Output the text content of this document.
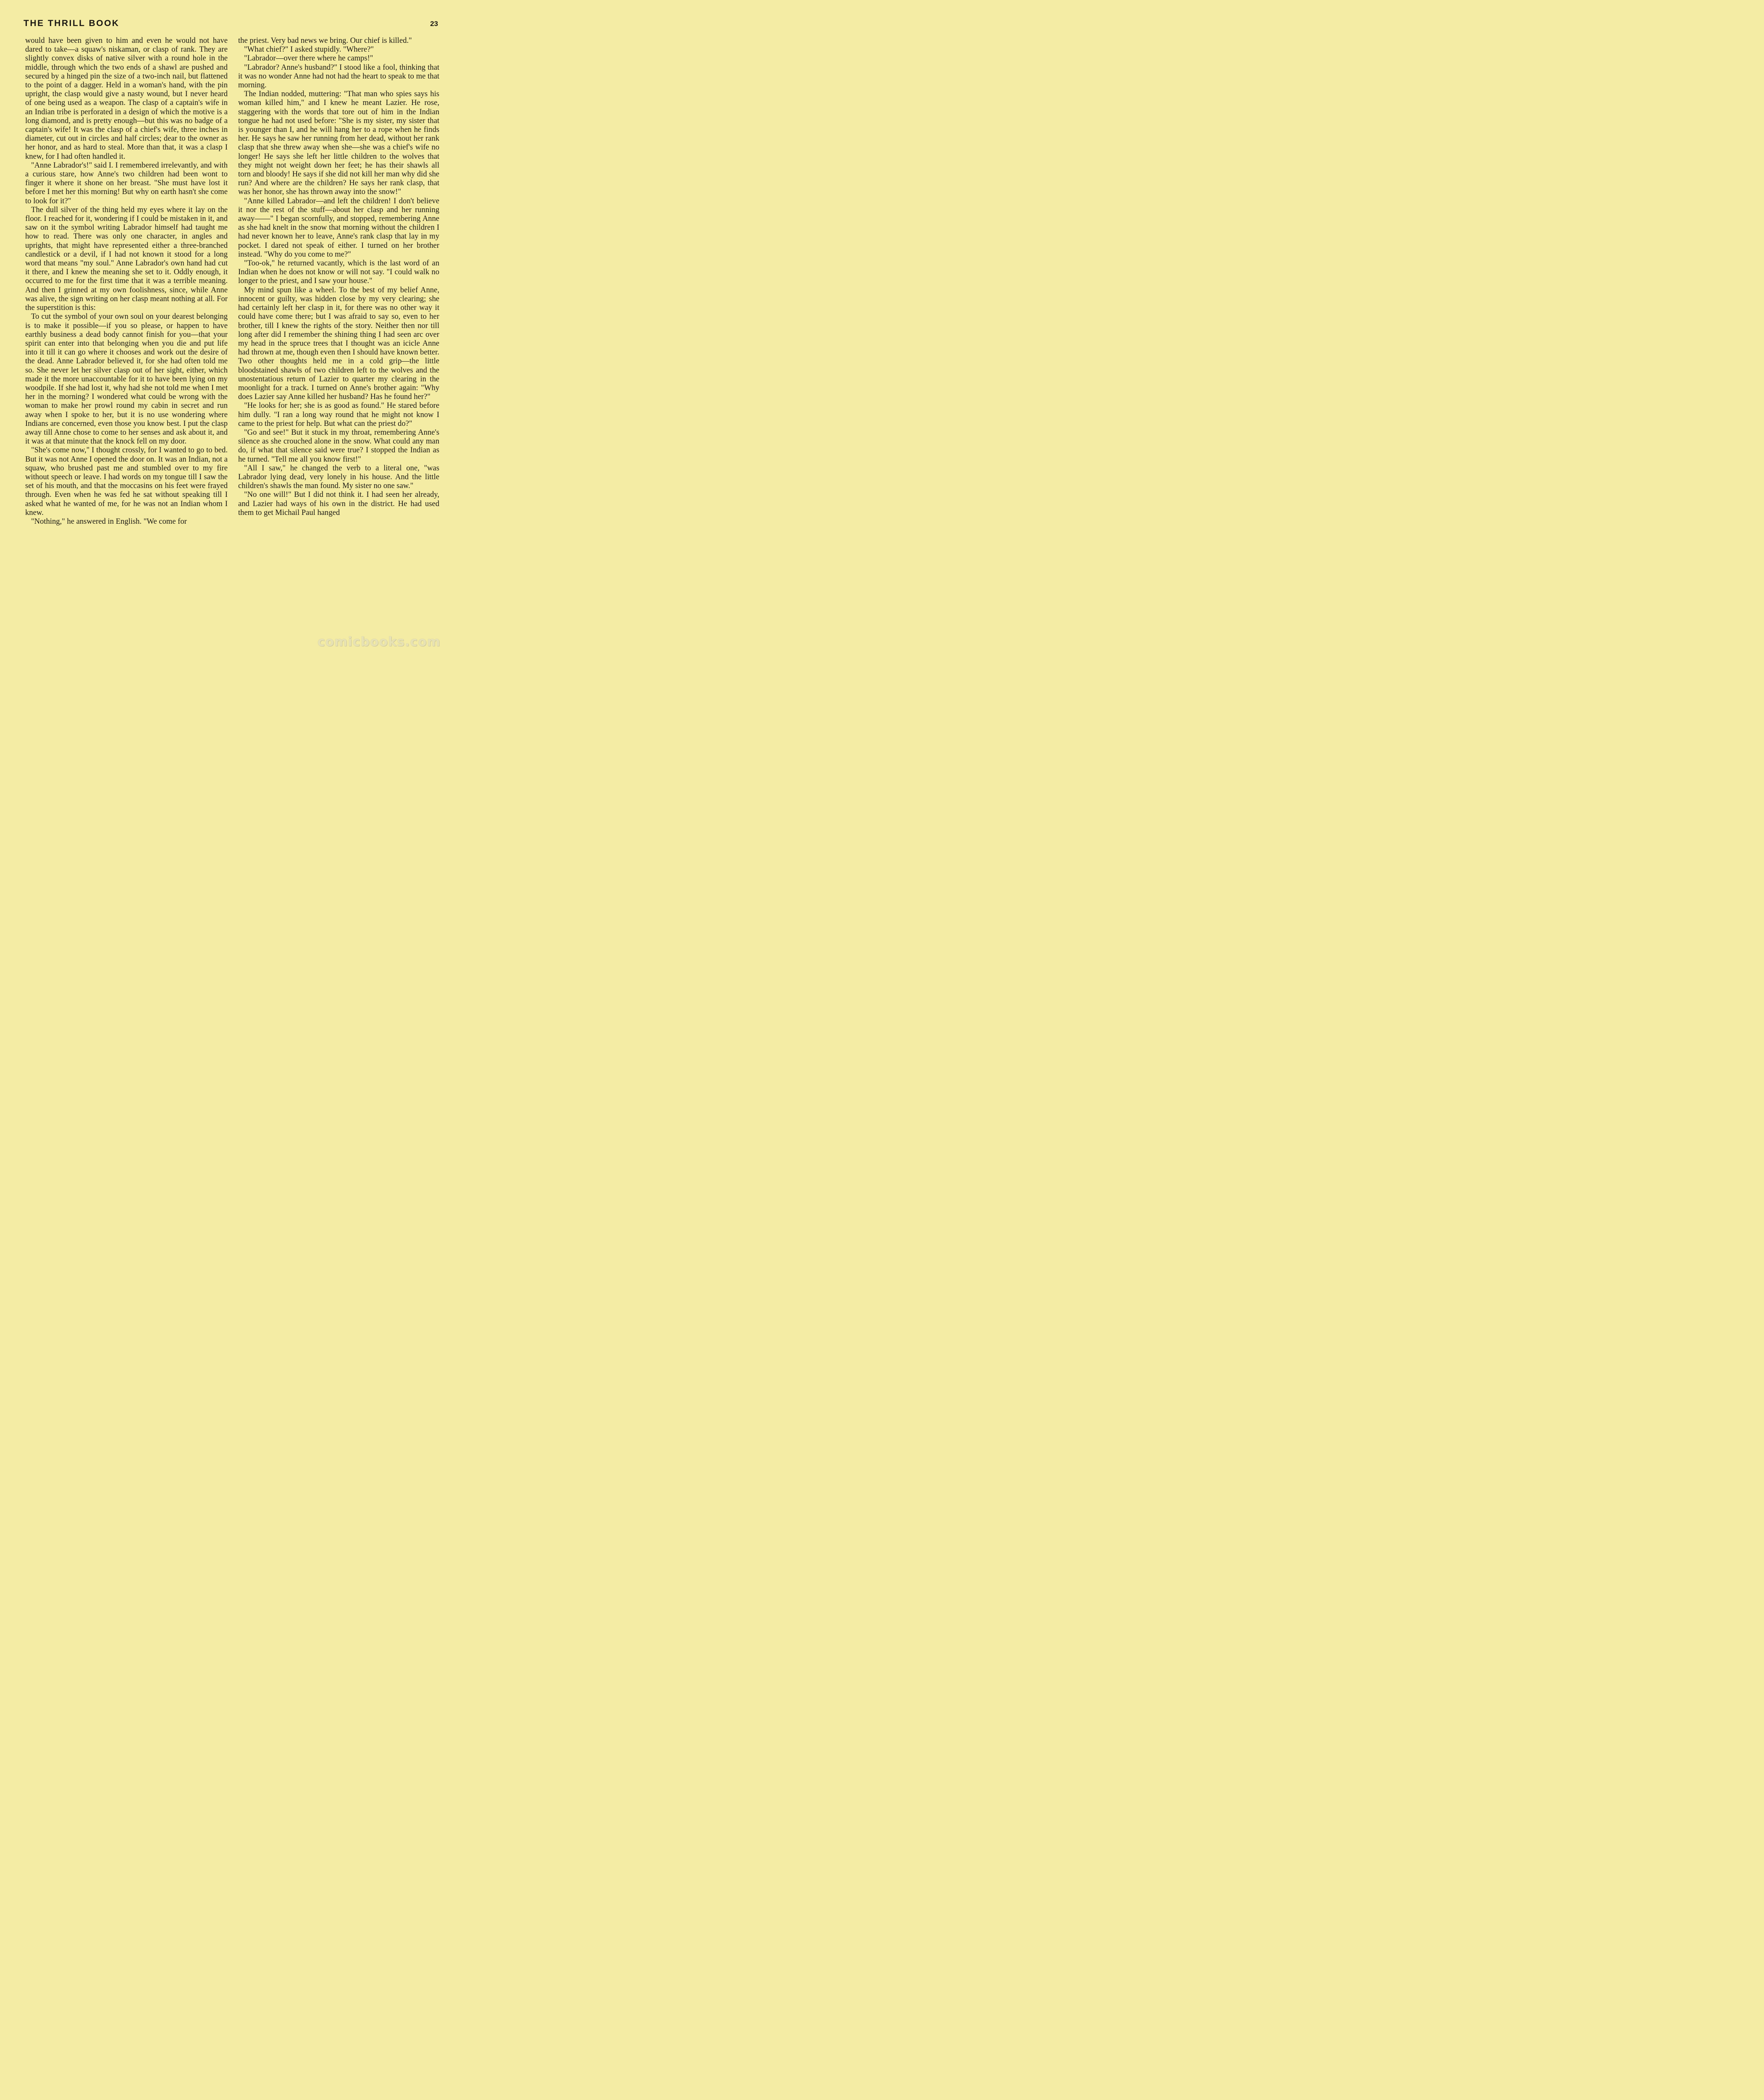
THE THRILL BOOK	23

would have been given to him and even he would not have dared to take—a squaw's niskaman, or clasp of rank. They are slightly convex disks of native silver with a round hole in the middle, through which the two ends of a shawl are pushed and secured by a hinged pin the size of a two-inch nail, but flattened to the point of a dagger. Held in a woman's hand, with the pin upright, the clasp would give a nasty wound, but I never heard of one being used as a weapon. The clasp of a captain's wife in an Indian tribe is perforated in a design of which the motive is a long diamond, and is pretty enough—but this was no badge of a captain's wife! It was the clasp of a chief's wife, three inches in diameter, cut out in circles and half circles; dear to the owner as her honor, and as hard to steal. More than that, it was a clasp I knew, for I had often handled it.

"Anne Labrador's!" said I. I remembered irrelevantly, and with a curious stare, how Anne's two children had been wont to finger it where it shone on her breast. "She must have lost it before I met her this morning! But why on earth hasn't she come to look for it?"

The dull silver of the thing held my eyes where it lay on the floor. I reached for it, wondering if I could be mistaken in it, and saw on it the symbol writing Labrador himself had taught me how to read. There was only one character, in angles and uprights, that might have represented either a three-branched candlestick or a devil, if I had not known it stood for a long word that means "my soul." Anne Labrador's own hand had cut it there, and I knew the meaning she set to it. Oddly enough, it occurred to me for the first time that it was a terrible meaning. And then I grinned at my own foolishness, since, while Anne was alive, the sign writing on her clasp meant nothing at all. For the superstition is this:

To cut the symbol of your own soul on your dearest belonging is to make it possible—if you so please, or happen to have earthly business a dead body cannot finish for you—that your spirit can enter into that belonging when you die and put life into it till it can go where it chooses and work out the desire of the dead. Anne Labrador believed it, for she had often told me so. She never let her silver clasp out of her sight, either, which made it the more unaccountable for it to have been lying on my woodpile. If she had lost it, why had she not told me when I met her in the morning? I wondered what could be wrong with the woman to make her prowl round my cabin in secret and run away when I spoke to her, but it is no use wondering where Indians are concerned, even those you know best. I put the clasp away till Anne chose to come to her senses and ask about it, and it was at that minute that the knock fell on my door.

"She's come now," I thought crossly, for I wanted to go to bed. But it was not Anne I opened the door on. It was an Indian, not a squaw, who brushed past me and stumbled over to my fire without speech or leave. I had words on my tongue till I saw the set of his mouth, and that the moccasins on his feet were frayed through. Even when he was fed he sat without speaking till I asked what he wanted of me, for he was not an Indian whom I knew.

"Nothing," he answered in English. "We come for

the priest. Very bad news we bring. Our chief is killed."

"What chief?" I asked stupidly. "Where?"

"Labrador—over there where he camps!"

"Labrador? Anne's husband?" I stood like a fool, thinking that it was no wonder Anne had not had the heart to speak to me that morning.

The Indian nodded, muttering: "That man who spies says his woman killed him," and I knew he meant Lazier. He rose, staggering with the words that tore out of him in the Indian tongue he had not used before: "She is my sister, my sister that is younger than I, and he will hang her to a rope when he finds her. He says he saw her running from her dead, without her rank clasp that she threw away when she—she was a chief's wife no longer! He says she left her little children to the wolves that they might not weight down her feet; he has their shawls all torn and bloody! He says if she did not kill her man why did she run? And where are the children? He says her rank clasp, that was her honor, she has thrown away into the snow!"

"Anne killed Labrador—and left the children! I don't believe it nor the rest of the stuff—about her clasp and her running away——" I began scornfully, and stopped, remembering Anne as she had knelt in the snow that morning without the children I had never known her to leave, Anne's rank clasp that lay in my pocket. I dared not speak of either. I turned on her brother instead. "Why do you come to me?"

"Too-ok," he returned vacantly, which is the last word of an Indian when he does not know or will not say. "I could walk no longer to the priest, and I saw your house."

My mind spun like a wheel. To the best of my belief Anne, innocent or guilty, was hidden close by my very clearing; she had certainly left her clasp in it, for there was no other way it could have come there; but I was afraid to say so, even to her brother, till I knew the rights of the story. Neither then nor till long after did I remember the shining thing I had seen arc over my head in the spruce trees that I thought was an icicle Anne had thrown at me, though even then I should have known better. Two other thoughts held me in a cold grip—the little bloodstained shawls of two children left to the wolves and the unostentatious return of Lazier to quarter my clearing in the moonlight for a track. I turned on Anne's brother again: "Why does Lazier say Anne killed her husband? Has he found her?"

"He looks for her; she is as good as found." He stared before him dully. "I ran a long way round that he might not know I came to the priest for help. But what can the priest do?"

"Go and see!" But it stuck in my throat, remembering Anne's silence as she crouched alone in the snow. What could any man do, if what that silence said were true? I stopped the Indian as he turned. "Tell me all you know first!"

"All I saw," he changed the verb to a literal one, "was Labrador lying dead, very lonely in his house. And the little children's shawls the man found. My sister no one saw."

"No one will!" But I did not think it. I had seen her already, and Lazier had ways of his own in the district. He had used them to get Michail Paul hanged

comicbooks.com
